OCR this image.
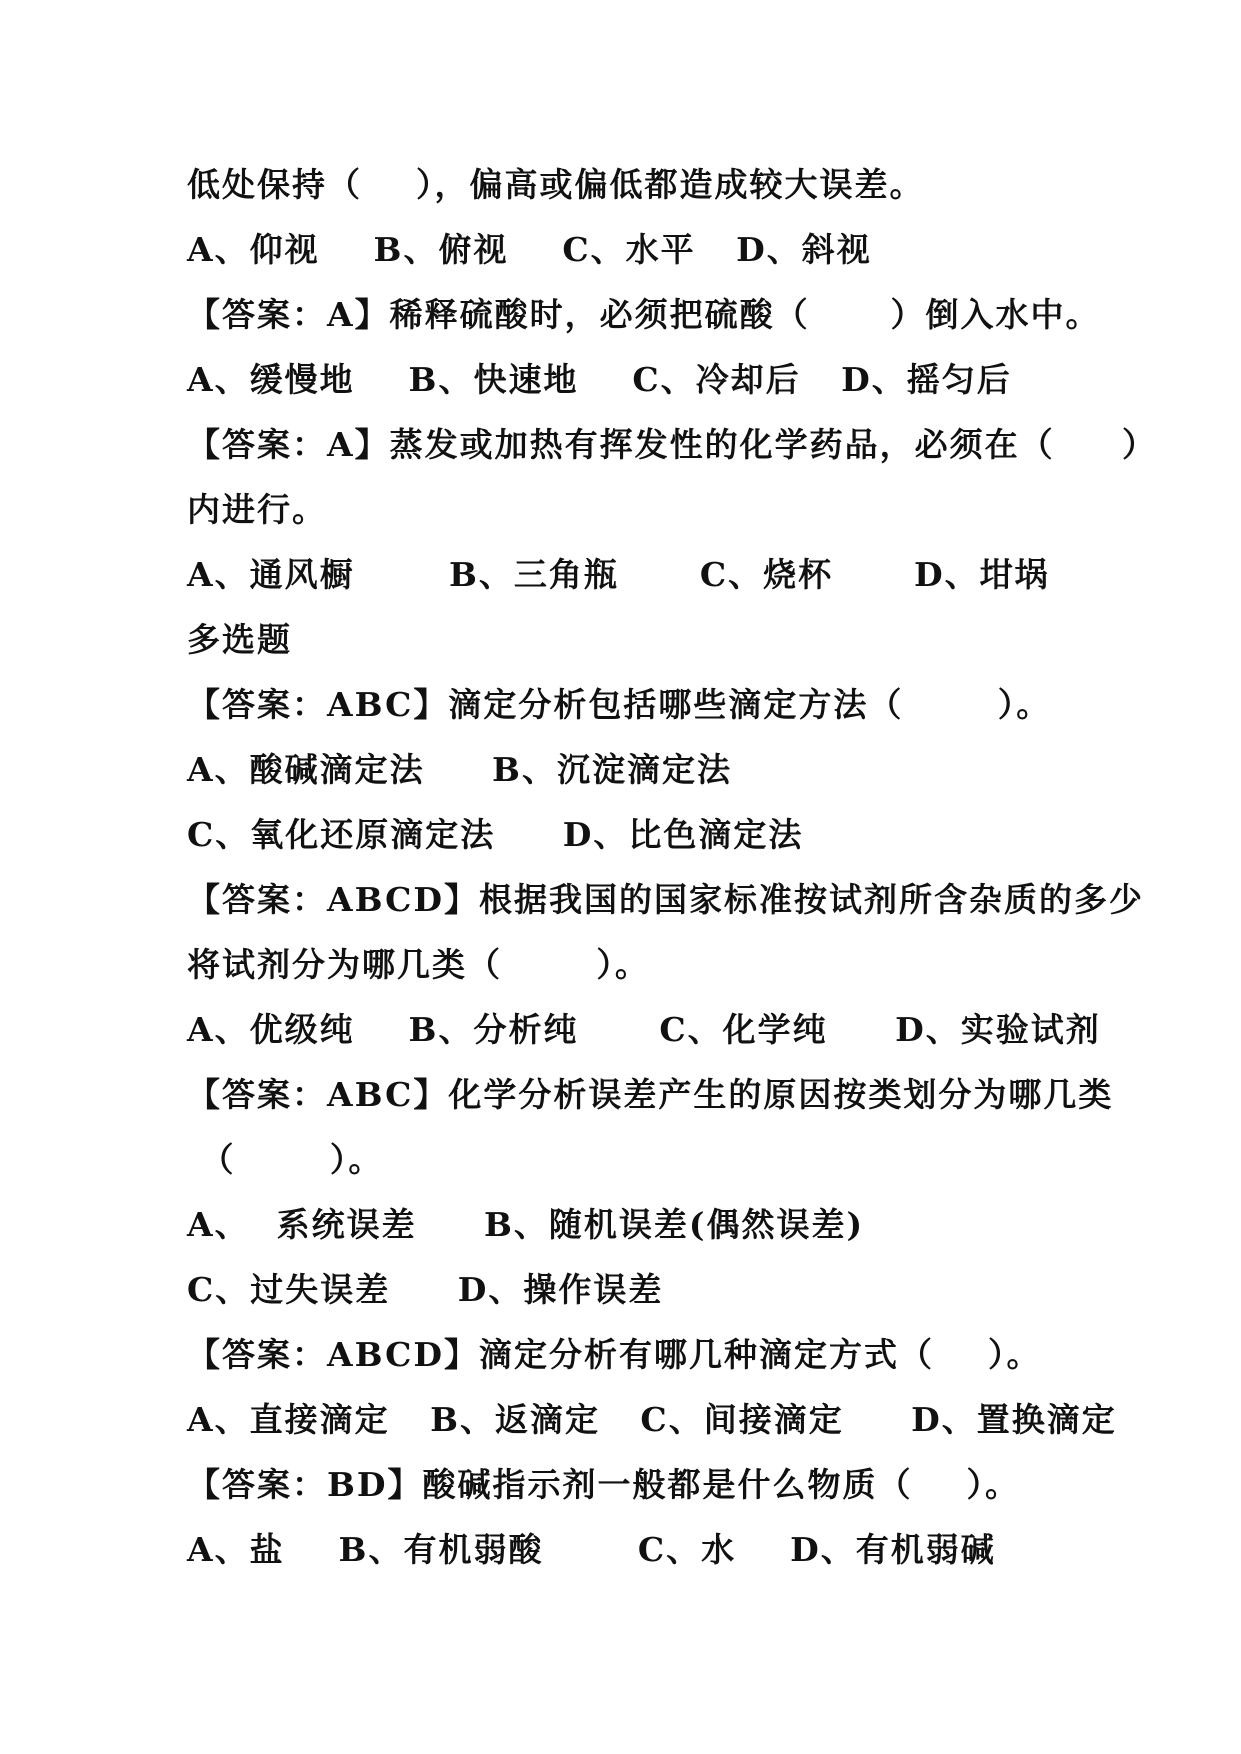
低处保持（    ），偏高或偏低都造成较大误差。
A、仰视    B、俯视    C、水平   D、斜视
【答案：A】稀释硫酸时，必须把硫酸（      ）倒入水中。
A、缓慢地    B、快速地    C、冷却后   D、摇匀后
【答案：A】蒸发或加热有挥发性的化学药品，必须在（     ）
内进行。
A、通风橱       B、三角瓶      C、烧杯      D、坩埚
多选题
【答案：ABC】滴定分析包括哪些滴定方法（       ）。
A、酸碱滴定法     B、沉淀滴定法
C、氧化还原滴定法     D、比色滴定法
【答案：ABCD】根据我国的国家标准按试剂所含杂质的多少
将试剂分为哪几类（       ）。
A、优级纯    B、分析纯      C、化学纯     D、实验试剂
【答案：ABC】化学分析误差产生的原因按类划分为哪几类
（       ）。
A、  系统误差     B、随机误差(偶然误差)
C、过失误差     D、操作误差
【答案：ABCD】滴定分析有哪几种滴定方式（    ）。
A、直接滴定   B、返滴定   C、间接滴定     D、置换滴定
【答案：BD】酸碱指示剂一般都是什么物质（    ）。
A、盐    B、有机弱酸       C、水    D、有机弱碱
